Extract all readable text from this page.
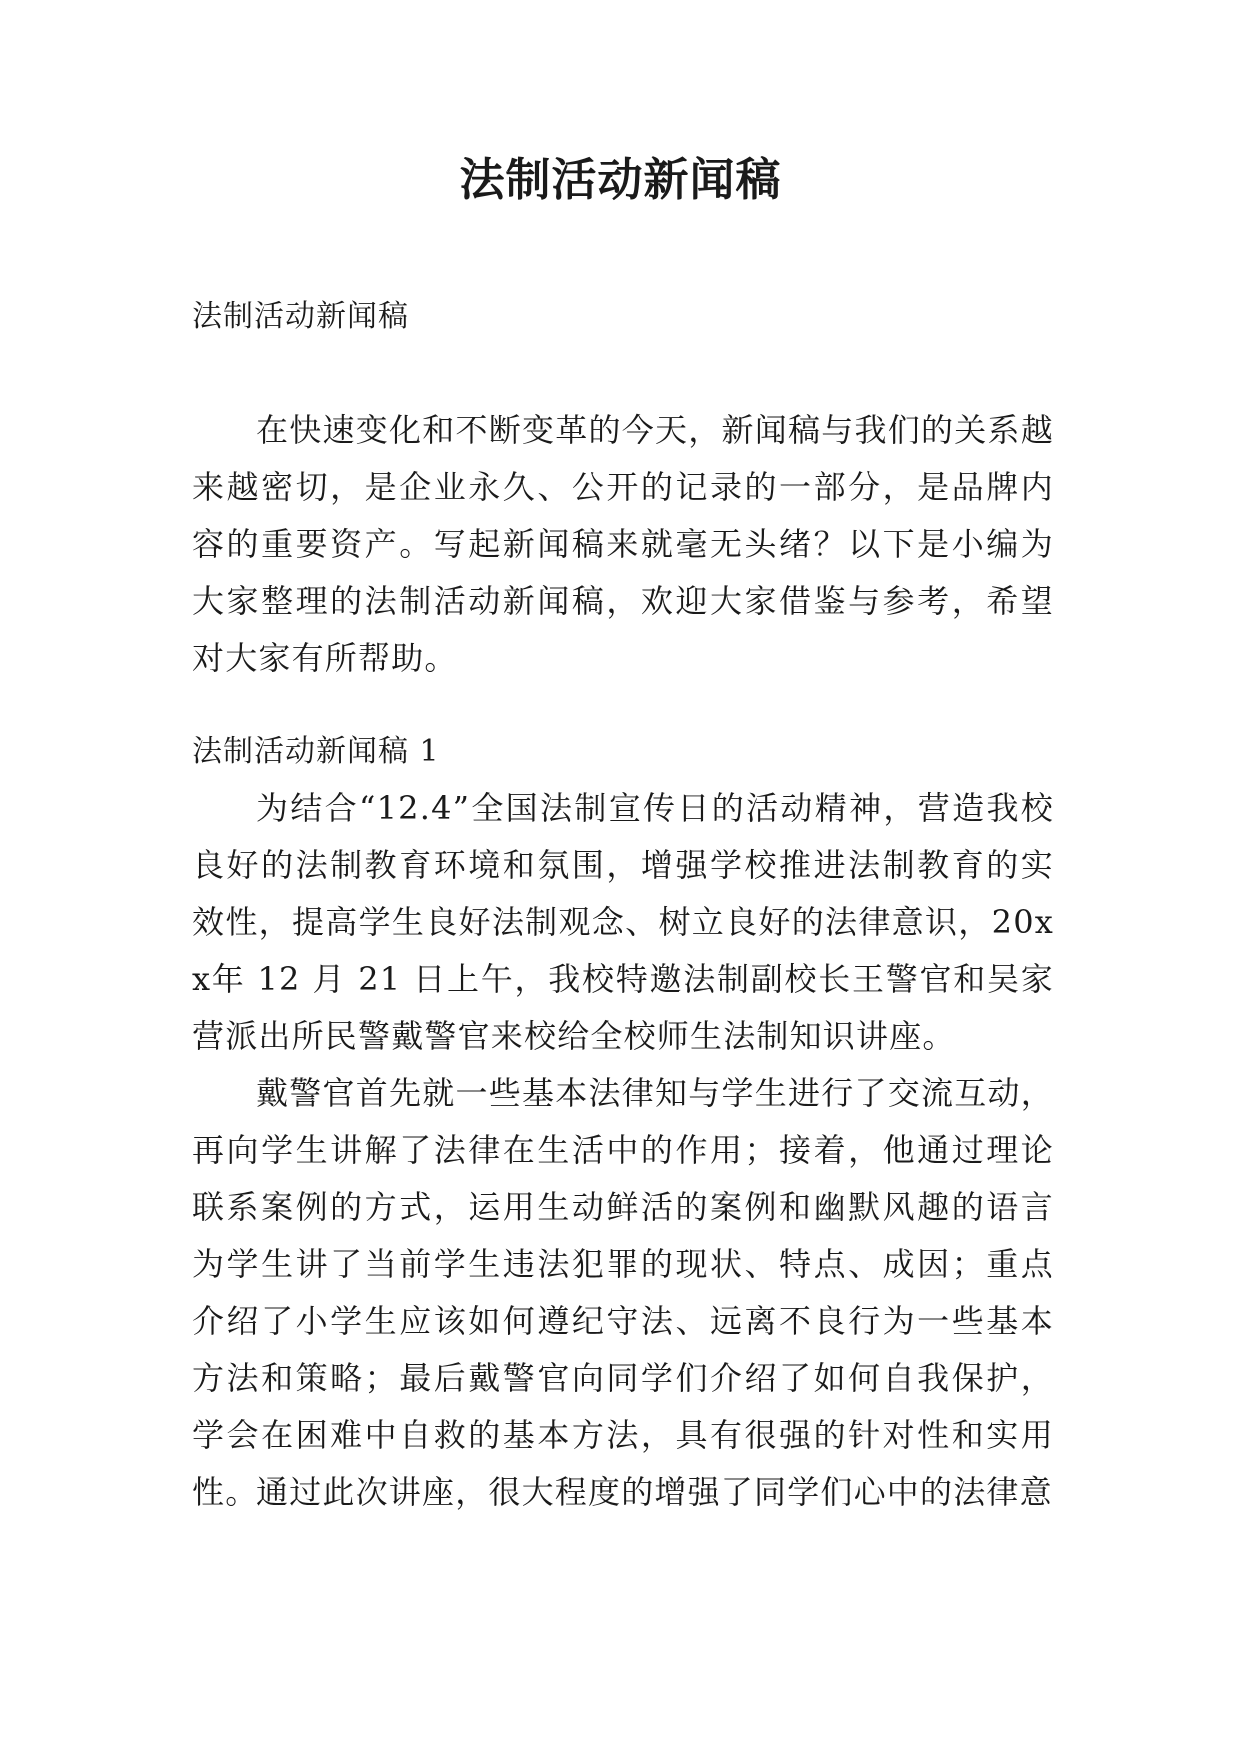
法制活动新闻稿
法制活动新闻稿
在快速变化和不断变革的今天，新闻稿与我们的关系越来越密切，是企业永久、公开的记录的一部分，是品牌内容的重要资产。写起新闻稿来就毫无头绪？以下是小编为大家整理的法制活动新闻稿，欢迎大家借鉴与参考，希望对大家有所帮助。
法制活动新闻稿 1
为结合“12.4”全国法制宣传日的活动精神，营造我校良好的法制教育环境和氛围，增强学校推进法制教育的实效性，提高学生良好法制观念、树立良好的法律意识，20xx年 12 月 21 日上午，我校特邀法制副校长王警官和吴家营派出所民警戴警官来校给全校师生法制知识讲座。
戴警官首先就一些基本法律知与学生进行了交流互动，再向学生讲解了法律在生活中的作用；接着，他通过理论联系案例的方式，运用生动鲜活的案例和幽默风趣的语言为学生讲了当前学生违法犯罪的现状、特点、成因；重点介绍了小学生应该如何遵纪守法、远离不良行为一些基本方法和策略；最后戴警官向同学们介绍了如何自我保护，学会在困难中自救的基本方法，具有很强的针对性和实用性。
通过此次讲座，很大程度的增强了同学们心中的法律意
